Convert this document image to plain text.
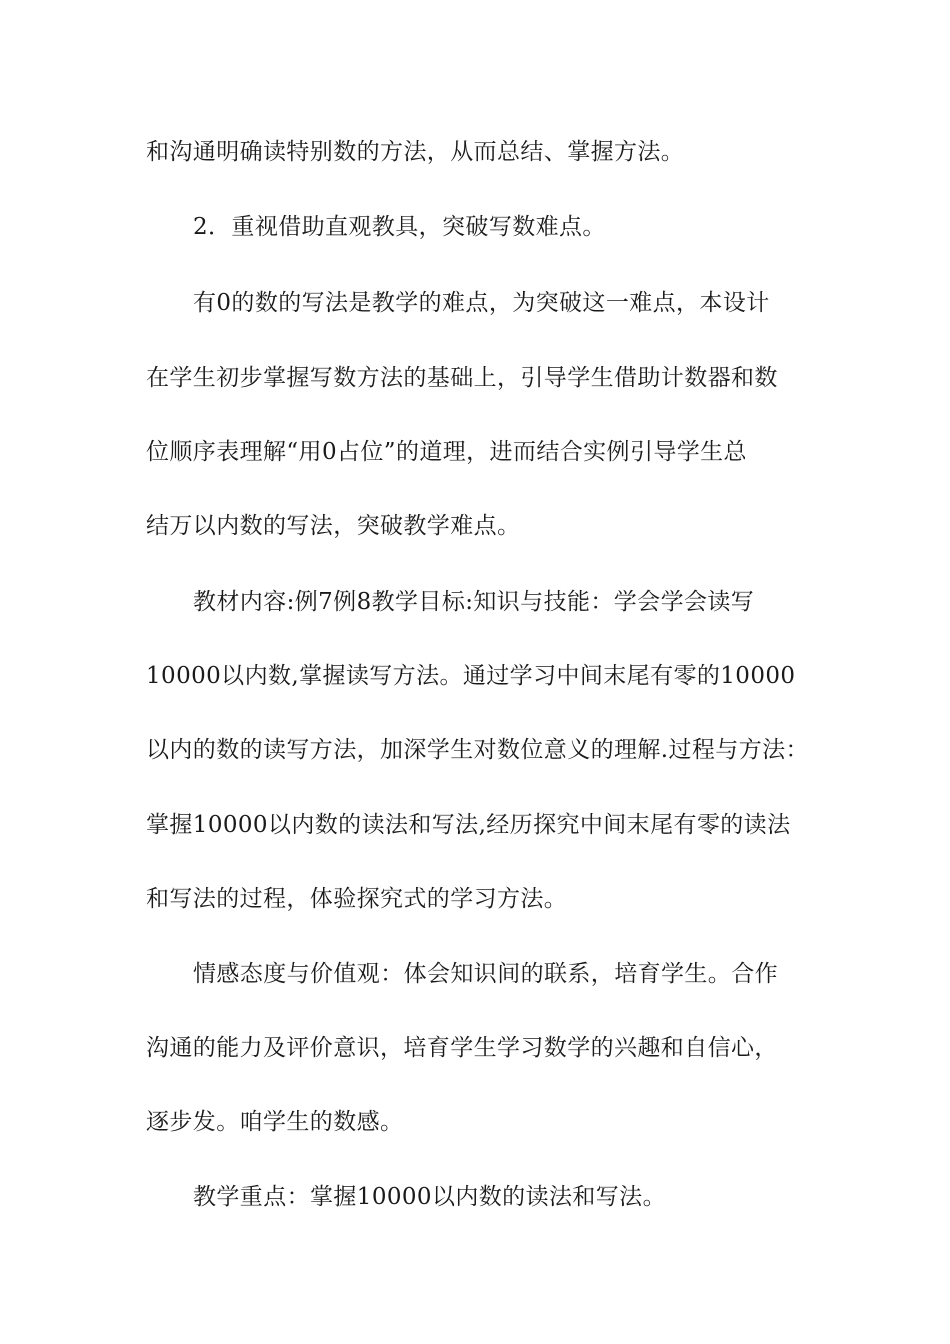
和沟通明确读特别数的方法，从而总结、掌握方法。

2．重视借助直观教具，突破写数难点。

有0的数的写法是教学的难点，为突破这一难点，本设计

在学生初步掌握写数方法的基础上，引导学生借助计数器和数

位顺序表理解“用0占位”的道理，进而结合实例引导学生总

结万以内数的写法，突破教学难点。

教材内容:例7例8教学目标:知识与技能：学会学会读写

10000以内数,掌握读写方法。通过学习中间末尾有零的10000

以内的数的读写方法，加深学生对数位意义的理解.过程与方法：

掌握10000以内数的读法和写法,经历探究中间末尾有零的读法

和写法的过程，体验探究式的学习方法。

情感态度与价值观：体会知识间的联系，培育学生。合作

沟通的能力及评价意识，培育学生学习数学的兴趣和自信心，

逐步发。咱学生的数感。

教学重点：掌握10000以内数的读法和写法。
